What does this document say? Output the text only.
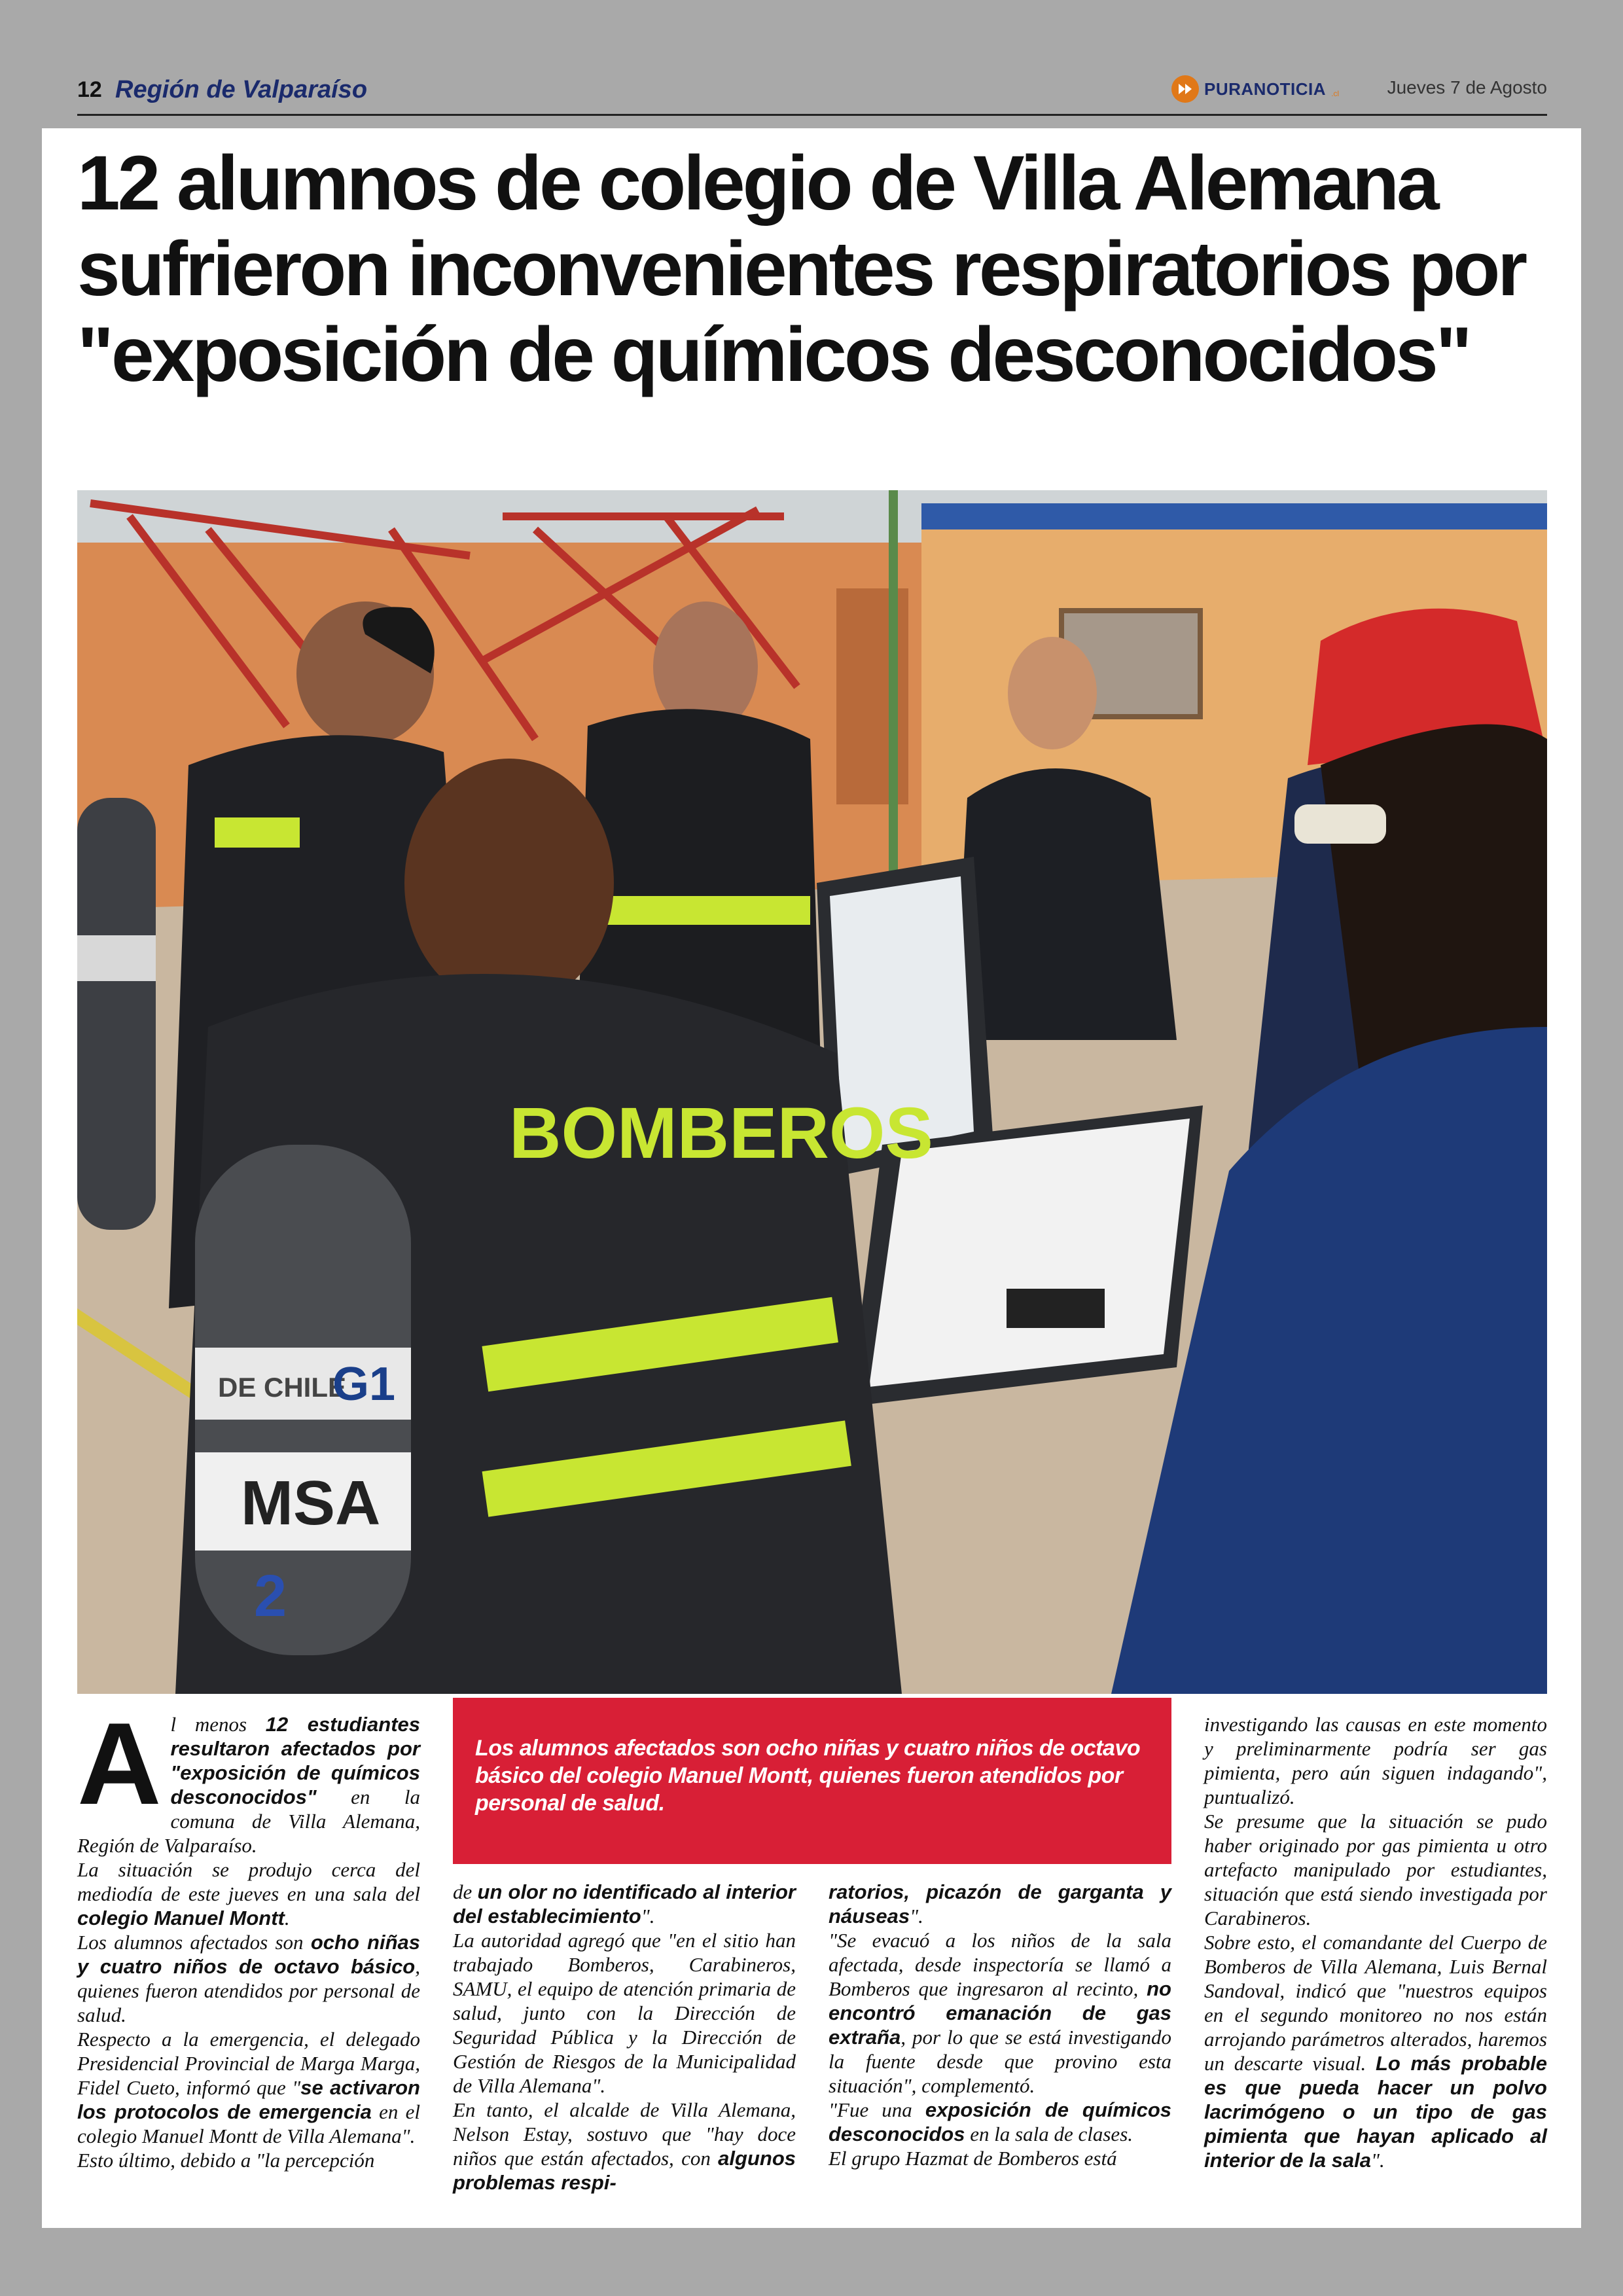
12 Región de Valparaíso	PURANOTICIA .cl	Jueves 7 de Agosto
12 alumnos de colegio de Villa Alemana sufrieron inconvenientes respiratorios por "exposición de químicos desconocidos"
BOMBEROS
DE CHILE
G1
MSA
2

Al menos 12 estudiantes resultaron afectados por "exposición de químicos desconocidos" en la comuna de Villa Alemana, Región de Valparaíso.

La situación se produjo cerca del mediodía de este jueves en una sala del colegio Manuel Montt.

Los alumnos afectados son ocho niñas y cuatro niños de octavo básico, quienes fueron atendidos por personal de salud.

Respecto a la emergencia, el delegado Presidencial Provincial de Marga Marga, Fidel Cueto, informó que "se activaron los protocolos de emergencia en el colegio Manuel Montt de Villa Alemana".

Esto último, debido a "la percepción

Los alumnos afectados son ocho niñas y cuatro niños de octavo básico del colegio Manuel Montt, quienes fueron atendidos por personal de salud.

de un olor no identificado al interior del establecimiento".

La autoridad agregó que "en el sitio han trabajado Bomberos, Carabineros, SAMU, el equipo de atención primaria de salud, junto con la Dirección de Seguridad Pública y la Dirección de Gestión de Riesgos de la Municipalidad de Villa Alemana".

En tanto, el alcalde de Villa Alemana, Nelson Estay, sostuvo que "hay doce niños que están afectados, con algunos problemas respi-

ratorios, picazón de garganta y náuseas".

"Se evacuó a los niños de la sala afectada, desde inspectoría se llamó a Bomberos que ingresaron al recinto, no encontró emanación de gas extraña, por lo que se está investigando la fuente desde que provino esta situación", complementó.

"Fue una exposición de químicos desconocidos en la sala de clases.

El grupo Hazmat de Bomberos está

investigando las causas en este momento y preliminarmente podría ser gas pimienta, pero aún siguen indagando", puntualizó.

Se presume que la situación se pudo haber originado por gas pimienta u otro artefacto manipulado por estudiantes, situación que está siendo investigada por Carabineros.

Sobre esto, el comandante del Cuerpo de Bomberos de Villa Alemana, Luis Bernal Sandoval, indicó que "nuestros equipos en el segundo monitoreo no nos están arrojando parámetros alterados, haremos un descarte visual. Lo más probable es que pueda hacer un polvo lacrimógeno o un tipo de gas pimienta que hayan aplicado al interior de la sala".
